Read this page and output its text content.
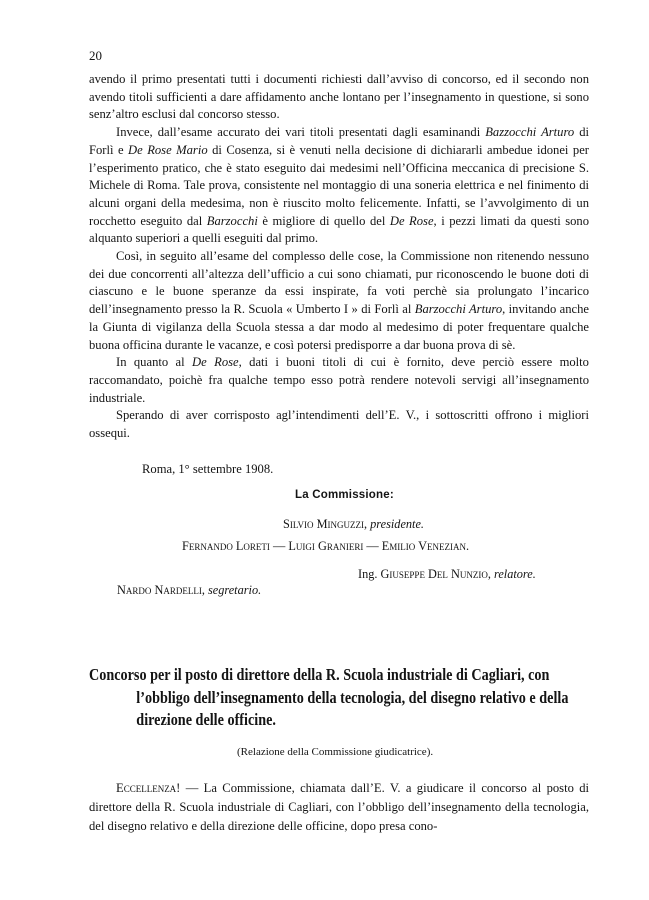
20

avendo il primo presentati tutti i documenti richiesti dall’avviso di concorso, ed il secondo non avendo titoli sufficienti a dare affidamento anche lontano per l’insegnamento in questione, si sono senz’altro esclusi dal concorso stesso.

Invece, dall’esame accurato dei vari titoli presentati dagli esaminandi Bazzocchi Arturo di Forlì e De Rose Mario di Cosenza, si è venuti nella decisione di dichiararli ambedue idonei per l’esperimento pratico, che è stato eseguito dai medesimi nell’Officina meccanica di precisione S. Michele di Roma. Tale prova, consistente nel montaggio di una soneria elettrica e nel finimento di alcuni organi della medesima, non è riuscito molto felicemente. Infatti, se l’avvolgimento di un rocchetto eseguito dal Barzocchi è migliore di quello del De Rose, i pezzi limati da questi sono alquanto superiori a quelli eseguiti dal primo.

Così, in seguito all’esame del complesso delle cose, la Commissione non ritenendo nessuno dei due concorrenti all’altezza dell’ufficio a cui sono chiamati, pur riconoscendo le buone doti di ciascuno e le buone speranze da essi inspirate, fa voti perchè sia prolungato l’incarico dell’insegnamento presso la R. Scuola « Umberto I » di Forlì al Barzocchi Arturo, invitando anche la Giunta di vigilanza della Scuola stessa a dar modo al medesimo di poter frequentare qualche buona officina durante le vacanze, e così potersi predisporre a dar buona prova di sè.

In quanto al De Rose, dati i buoni titoli di cui è fornito, deve perciò essere molto raccomandato, poichè fra qualche tempo esso potrà rendere notevoli servigi all’insegnamento industriale.

Sperando di aver corrisposto agl’intendimenti dell’E. V., i sottoscritti offrono i migliori ossequi.

Roma, 1° settembre 1908.
La Commissione:
Silvio Minguzzi, presidente.
Fernando Loreti — Luigi Granieri — Emilio Venezian.
Ing. Giuseppe Del Nunzio, relatore.
Nardo Nardelli, segretario.
Concorso per il posto di direttore della R. Scuola industriale di Cagliari, con
l’obbligo dell’insegnamento della tecnologia, del disegno relativo e della
direzione delle officine.
(Relazione della Commissione giudicatrice).

Eccellenza! — La Commissione, chiamata dall’E. V. a giudicare il concorso al posto di direttore della R. Scuola industriale di Cagliari, con l’obbligo dell’insegnamento della tecnologia, del disegno relativo e della direzione delle officine, dopo presa cono-
